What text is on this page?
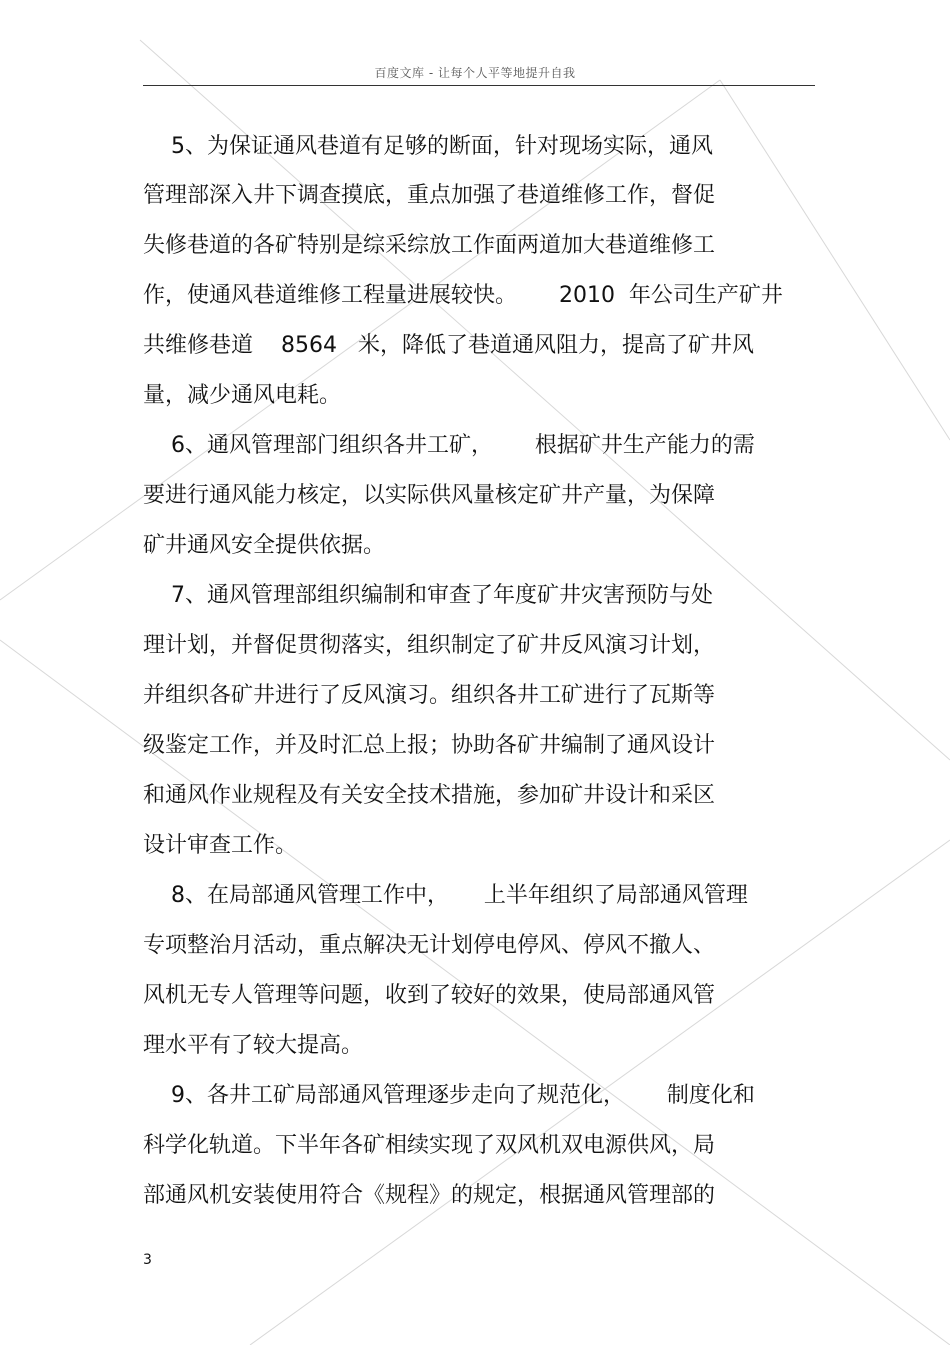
百度文库 - 让每个人平等地提升自我
5、为保证通风巷道有足够的断面，针对现场实际，通风
管理部深入井下调查摸底，重点加强了巷道维修工作，督促
失修巷道的各矿特别是综采综放工作面两道加大巷道维修工
作，使通风巷道维修工程量进展较快。      2010  年公司生产矿井
共维修巷道    8564   米，降低了巷道通风阻力，提高了矿井风
量，减少通风电耗。
6、通风管理部门组织各井工矿，      根据矿井生产能力的需
要进行通风能力核定，以实际供风量核定矿井产量，为保障
矿井通风安全提供依据。
7、通风管理部组织编制和审查了年度矿井灾害预防与处
理计划，并督促贯彻落实，组织制定了矿井反风演习计划，
并组织各矿井进行了反风演习。组织各井工矿进行了瓦斯等
级鉴定工作，并及时汇总上报；协助各矿井编制了通风设计
和通风作业规程及有关安全技术措施，参加矿井设计和采区
设计审查工作。
8、在局部通风管理工作中，     上半年组织了局部通风管理
专项整治月活动，重点解决无计划停电停风、停风不撤人、
风机无专人管理等问题，收到了较好的效果，使局部通风管
理水平有了较大提高。
9、各井工矿局部通风管理逐步走向了规范化，      制度化和
科学化轨道。下半年各矿相续实现了双风机双电源供风，局
部通风机安装使用符合《规程》的规定，根据通风管理部的
3
